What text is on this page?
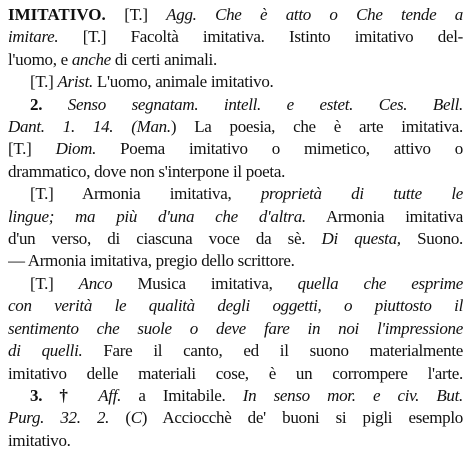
IMITATIVO. [T.] Agg. Che è atto o Che tende a
imitare. [T.] Facoltà imitativa. Istinto imitativo del-
l'uomo, e anche di certi animali.
[T.] Arist. L'uomo, animale imitativo.
2. Senso segnatam. intell. e estet. Ces. Bell.
Dant. 1. 14. (Man.) La poesia, che è arte imitativa.
[T.] Diom. Poema imitativo o mimetico, attivo o
drammatico, dove non s'interpone il poeta.
[T.] Armonia imitativa, proprietà di tutte le
lingue; ma più d'una che d'altra. Armonia imitativa
d'un verso, di ciascuna voce da sè. Di questa, Suono.
— Armonia imitativa, pregio dello scrittore.
[T.] Anco Musica imitativa, quella che esprime
con verità le qualità degli oggetti, o piuttosto il
sentimento che suole o deve fare in noi l'impressione
di quelli. Fare il canto, ed il suono materialmente
imitativo delle materiali cose, è un corrompere l'arte.
3. † Aff. a Imitabile. In senso mor. e civ. But.
Purg. 32. 2. (C) Acciocchè de' buoni si pigli esemplo
imitativo.
